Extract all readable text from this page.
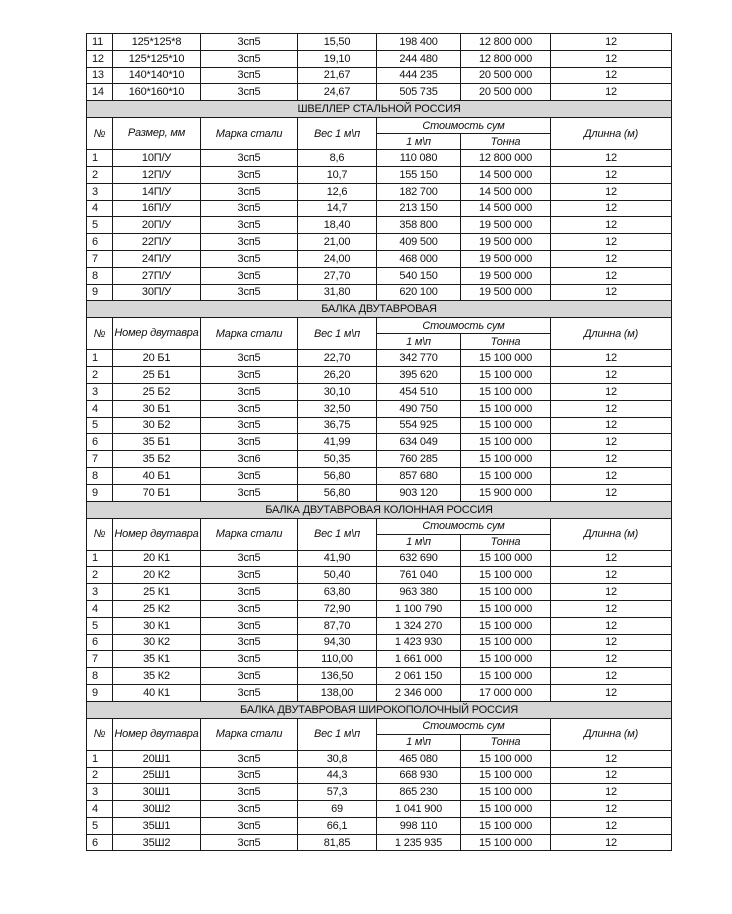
11	125*125*8	3сп5	15,50	198 400	12 800 000	12
12	125*125*10	3сп5	19,10	244 480	12 800 000	12
13	140*140*10	3сп5	21,67	444 235	20 500 000	12
14	160*160*10	3сп5	24,67	505 735	20 500 000	12
ШВЕЛЛЕР СТАЛЬНОЙ РОССИЯ						
№	Размер, мм	Марка стали	Вес 1 м\п	Стоимость сум		Длинна (м)
				1 м\п	Тонна	
1	10П/У	3сп5	8,6	110 080	12 800 000	12
2	12П/У	3сп5	10,7	155 150	14 500 000	12
3	14П/У	3сп5	12,6	182 700	14 500 000	12
4	16П/У	3сп5	14,7	213 150	14 500 000	12
5	20П/У	3сп5	18,40	358 800	19 500 000	12
6	22П/У	3сп5	21,00	409 500	19 500 000	12
7	24П/У	3сп5	24,00	468 000	19 500 000	12
8	27П/У	3сп5	27,70	540 150	19 500 000	12
9	30П/У	3сп5	31,80	620 100	19 500 000	12
БАЛКА ДВУТАВРОВАЯ						
№	Номер двутавра	Марка стали	Вес 1 м\п	Стоимость сум		Длинна (м)
				1 м\п	Тонна	
1	20 Б1	3сп5	22,70	342 770	15 100 000	12
2	25 Б1	3сп5	26,20	395 620	15 100 000	12
3	25 Б2	3сп5	30,10	454 510	15 100 000	12
4	30 Б1	3сп5	32,50	490 750	15 100 000	12
5	30 Б2	3сп5	36,75	554 925	15 100 000	12
6	35 Б1	3сп5	41,99	634 049	15 100 000	12
7	35 Б2	3сп6	50,35	760 285	15 100 000	12
8	40 Б1	3сп5	56,80	857 680	15 100 000	12
9	70 Б1	3сп5	56,80	903 120	15 900 000	12
БАЛКА ДВУТАВРОВАЯ КОЛОННАЯ РОССИЯ						
№	Номер двутавра	Марка стали	Вес 1 м\п	Стоимость сум		Длинна (м)
				1 м\п	Тонна	
1	20 К1	3сп5	41,90	632 690	15 100 000	12
2	20 К2	3сп5	50,40	761 040	15 100 000	12
3	25 К1	3сп5	63,80	963 380	15 100 000	12
4	25 К2	3сп5	72,90	1 100 790	15 100 000	12
5	30 К1	3сп5	87,70	1 324 270	15 100 000	12
6	30 К2	3сп5	94,30	1 423 930	15 100 000	12
7	35 К1	3сп5	110,00	1 661 000	15 100 000	12
8	35 К2	3сп5	136,50	2 061 150	15 100 000	12
9	40 К1	3сп5	138,00	2 346 000	17 000 000	12
БАЛКА ДВУТАВРОВАЯ ШИРОКОПОЛОЧНЫЙ РОССИЯ						
№	Номер двутавра	Марка стали	Вес 1 м\п	Стоимость сум		Длинна (м)
				1 м\п	Тонна	
1	20Ш1	3сп5	30,8	465 080	15 100 000	12
2	25Ш1	3сп5	44,3	668 930	15 100 000	12
3	30Ш1	3сп5	57,3	865 230	15 100 000	12
4	30Ш2	3сп5	69	1 041 900	15 100 000	12
5	35Ш1	3сп5	66,1	998 110	15 100 000	12
6	35Ш2	3сп5	81,85	1 235 935	15 100 000	12
